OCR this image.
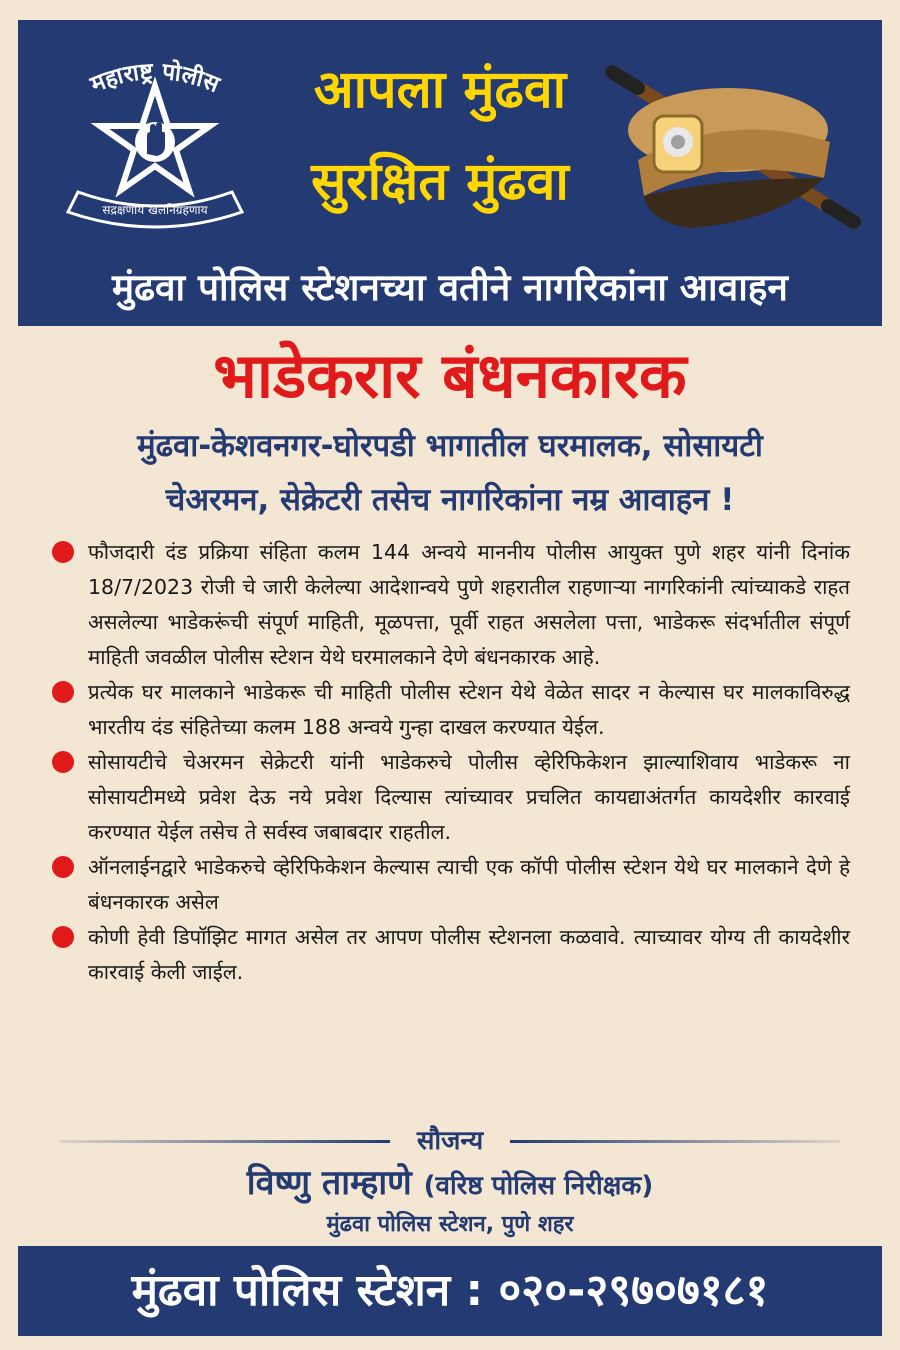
महाराष्ट्र पोलीस
सद्रक्षणाय खलनिग्रहणाय
आपला मुंढवा
सुरक्षित मुंढवा
मुंढवा पोलिस स्टेशनच्या वतीने नागरिकांना आवाहन
भाडेकरार बंधनकारक
मुंढवा-केशवनगर-घोरपडी भागातील घरमालक, सोसायटी
चेअरमन, सेक्रेटरी तसेच नागरिकांना नम्र आवाहन !
फौजदारी दंड प्रक्रिया संहिता कलम 144 अन्वये माननीय पोलीस आयुक्त पुणे शहर यांनी दिनांक 18/7/2023 रोजी चे जारी केलेल्या आदेशान्वये पुणे शहरातील राहणाऱ्या नागरिकांनी त्यांच्याकडे राहत असलेल्या भाडेकरूंची संपूर्ण माहिती, मूळपत्ता, पूर्वी राहत असलेला पत्ता, भाडेकरू संदर्भातील संपूर्ण माहिती जवळील पोलीस स्टेशन येथे घरमालकाने देणे बंधनकारक आहे.
प्रत्येक घर मालकाने भाडेकरू ची माहिती पोलीस स्टेशन येथे वेळेत सादर न केल्यास घर मालकाविरुद्ध भारतीय दंड संहितेच्या कलम 188 अन्वये गुन्हा दाखल करण्यात येईल.
सोसायटीचे चेअरमन सेक्रेटरी यांनी भाडेकरुचे पोलीस व्हेरिफिकेशन झाल्याशिवाय भाडेकरू ना सोसायटीमध्ये प्रवेश देऊ नये प्रवेश दिल्यास त्यांच्यावर प्रचलित कायद्याअंतर्गत कायदेशीर कारवाई करण्यात येईल तसेच ते सर्वस्व जबाबदार राहतील.
ऑनलाईनद्वारे भाडेकरुचे व्हेरिफिकेशन केल्यास त्याची एक कॉपी पोलीस स्टेशन येथे घर मालकाने देणे हे बंधनकारक असेल
कोणी हेवी डिपॉझिट मागत असेल तर आपण पोलीस स्टेशनला कळवावे. त्याच्यावर योग्य ती कायदेशीर कारवाई केली जाईल.
सौजन्य
विष्णु ताम्हाणे (वरिष्ठ पोलिस निरीक्षक)
मुंढवा पोलिस स्टेशन, पुणे शहर
मुंढवा पोलिस स्टेशन : ०२०-२९७०७१८१
